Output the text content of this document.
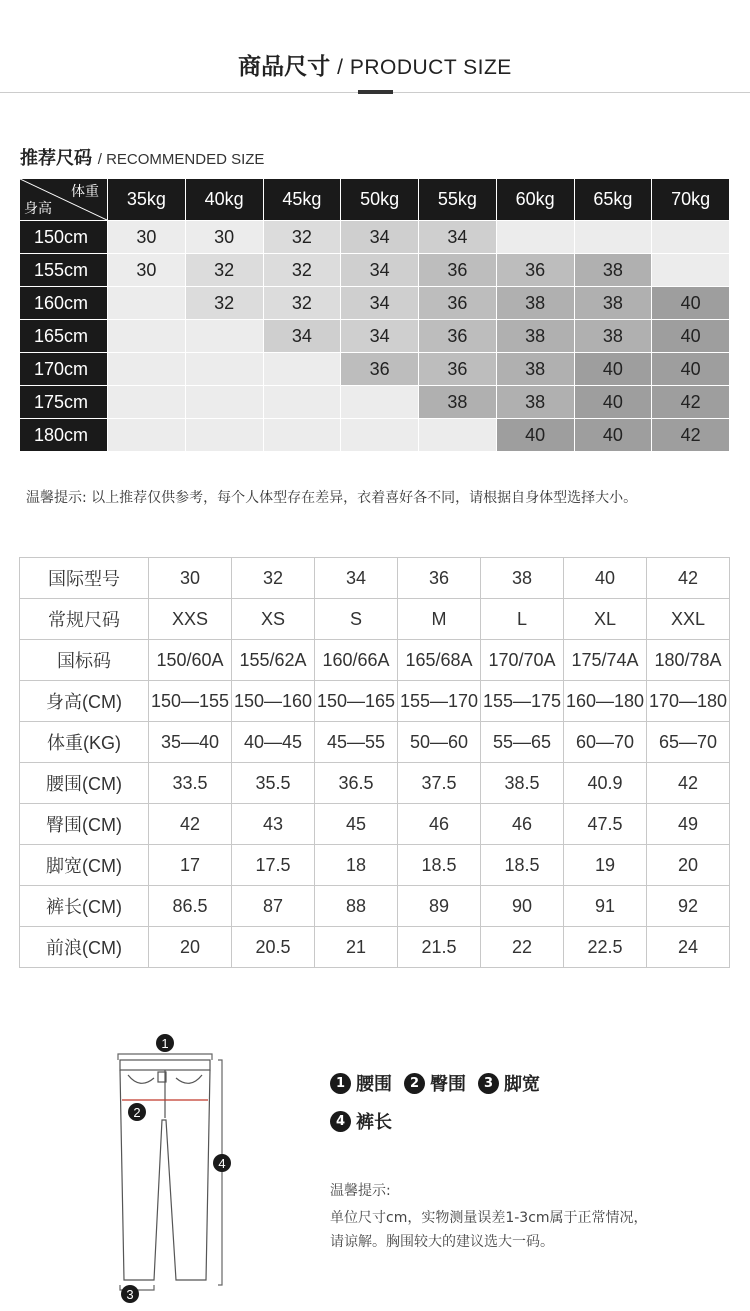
商品尺寸 / PRODUCT SIZE
推荐尺码 / RECOMMENDED SIZE
体重
身高	35kg	40kg	45kg	50kg	55kg	60kg	65kg	70kg
150cm	30	30	32	34	34			
155cm	30	32	32	34	36	36	38	
160cm		32	32	34	36	38	38	40
165cm			34	34	36	38	38	40
170cm				36	36	38	40	40
175cm					38	38	40	42
180cm						40	40	42
温馨提示: 以上推荐仅供参考，每个人体型存在差异，衣着喜好各不同，请根据自身体型选择大小。
国际型号	30	32	34	36	38	40	42
常规尺码	XXS	XS	S	M	L	XL	XXL
国标码	150/60A	155/62A	160/66A	165/68A	170/70A	175/74A	180/78A
身高(CM)	150—155	150—160	150—165	155—170	155—175	160—180	170—180
体重(KG)	35—40	40—45	45—55	50—60	55—65	60—70	65—70
腰围(CM)	33.5	35.5	36.5	37.5	38.5	40.9	42
臀围(CM)	42	43	45	46	46	47.5	49
脚宽(CM)	17	17.5	18	18.5	18.5	19	20
裤长(CM)	86.5	87	88	89	90	91	92
前浪(CM)	20	20.5	21	21.5	22	22.5	24
1
2
4
3
1 腰围	2 臀围	3 脚宽

4 裤长
温馨提示:
单位尺寸cm，实物测量误差1-3cm属于正常情况，请谅解。胸围较大的建议选大一码。
